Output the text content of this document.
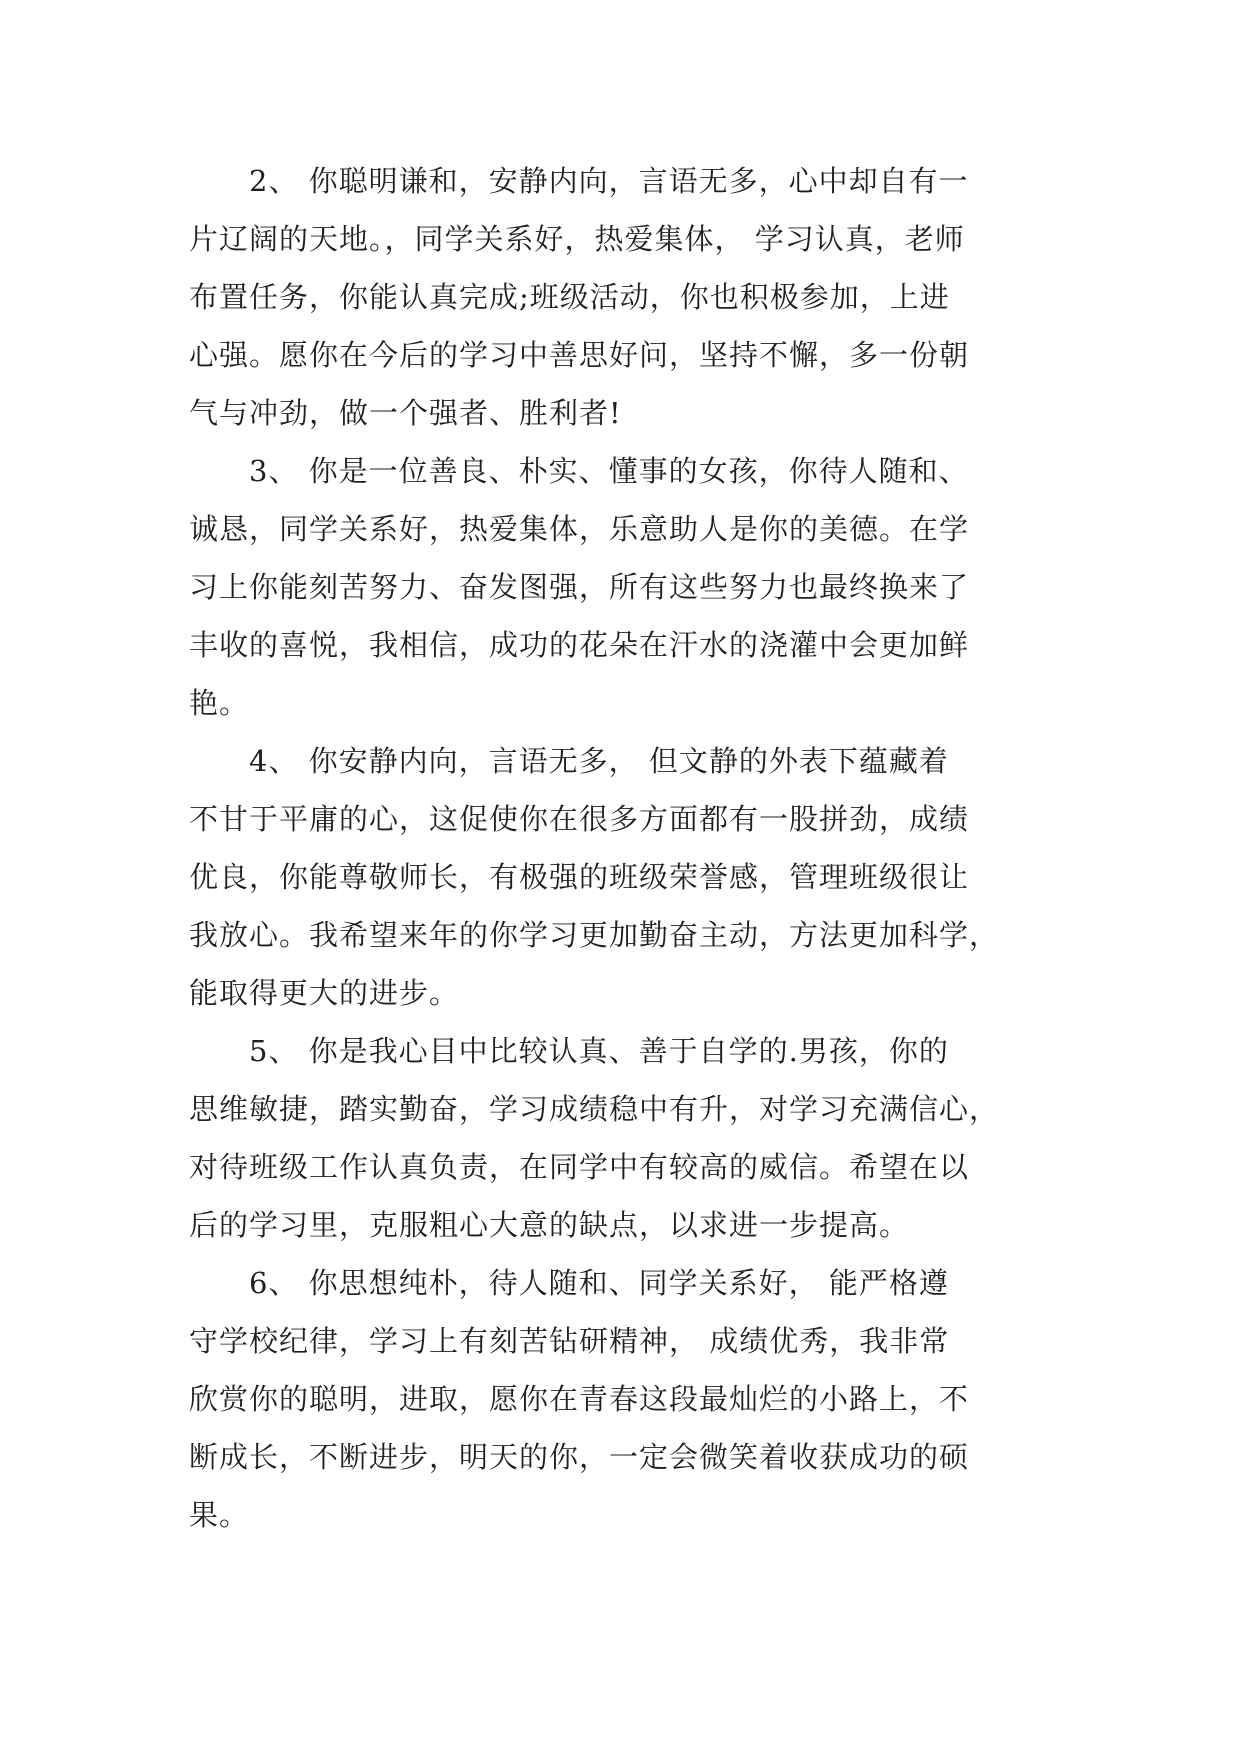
　　2、 你聪明谦和，安静内向，言语无多，心中却自有一
片辽阔的天地。，同学关系好，热爱集体， 学习认真，老师
布置任务，你能认真完成;班级活动，你也积极参加，上进
心强。愿你在今后的学习中善思好问，坚持不懈，多一份朝
气与冲劲，做一个强者、胜利者!
　　3、 你是一位善良、朴实、懂事的女孩，你待人随和、
诚恳，同学关系好，热爱集体，乐意助人是你的美德。在学
习上你能刻苦努力、奋发图强，所有这些努力也最终换来了
丰收的喜悦，我相信，成功的花朵在汗水的浇灌中会更加鲜
艳。
　　4、 你安静内向，言语无多， 但文静的外表下蕴藏着
不甘于平庸的心，这促使你在很多方面都有一股拼劲，成绩
优良，你能尊敬师长，有极强的班级荣誉感，管理班级很让
我放心。我希望来年的你学习更加勤奋主动，方法更加科学，
能取得更大的进步。
　　5、 你是我心目中比较认真、善于自学的.男孩，你的
思维敏捷，踏实勤奋，学习成绩稳中有升，对学习充满信心，
对待班级工作认真负责，在同学中有较高的威信。希望在以
后的学习里，克服粗心大意的缺点，以求进一步提高。
　　6、 你思想纯朴，待人随和、同学关系好， 能严格遵
守学校纪律，学习上有刻苦钻研精神， 成绩优秀，我非常
欣赏你的聪明，进取，愿你在青春这段最灿烂的小路上，不
断成长，不断进步，明天的你，一定会微笑着收获成功的硕
果。
